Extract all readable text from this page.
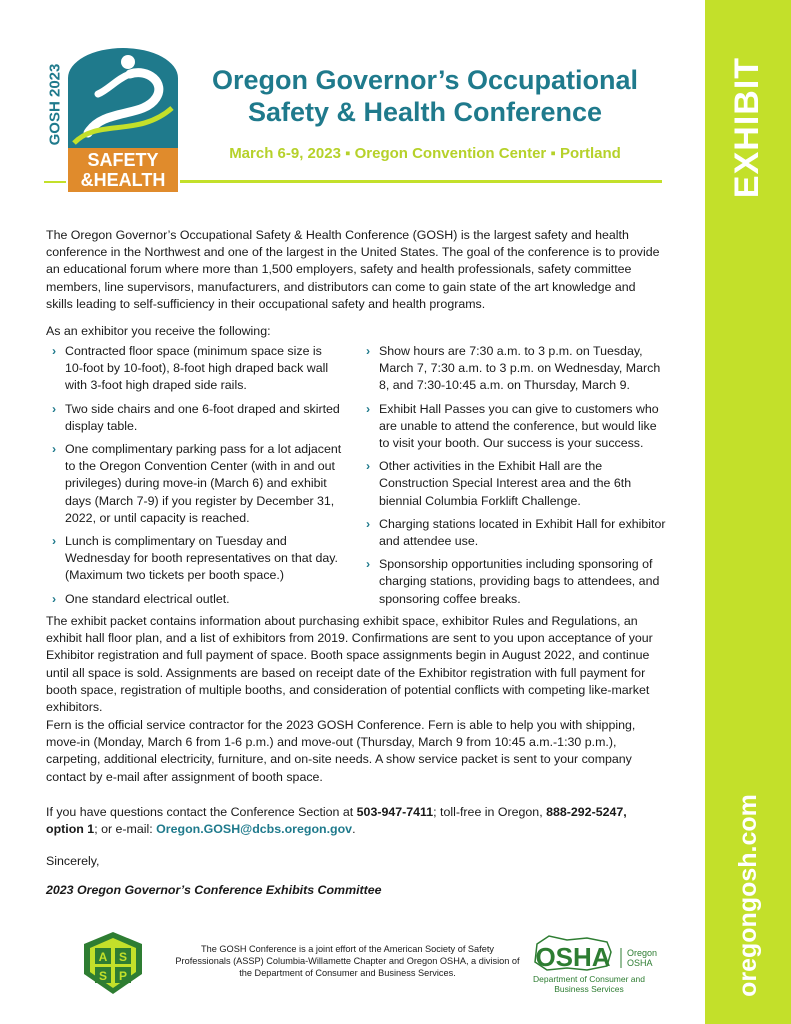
EXHIBIT
oregongosh.com
GOSH 2023
SAFETY
&HEALTH
Oregon Governor’s Occupational
Safety & Health Conference
March 6-9, 2023 ▪ Oregon Convention Center ▪ Portland

The Oregon Governor’s Occupational Safety & Health Conference (GOSH) is the largest safety and health conference in the Northwest and one of the largest in the United States. The goal of the conference is to provide an educational forum where more than 1,500 employers, safety and health professionals, safety committee members, line supervisors, manufacturers, and distributors can come to gain state of the art knowledge and skills leading to self-sufficiency in their occupational safety and health programs.

As an exhibitor you receive the following:

› Contracted floor space (minimum space size is 10-foot by 10-foot), 8-foot high draped back wall with 3-foot high draped side rails.
› Two side chairs and one 6-foot draped and skirted display table.
› One complimentary parking pass for a lot adjacent to the Oregon Convention Center (with in and out privileges) during move-in (March 6) and exhibit days (March 7-9) if you register by December 31, 2022, or until capacity is reached.
› Lunch is complimentary on Tuesday and Wednesday for booth representatives on that day. (Maximum two tickets per booth space.)
› One standard electrical outlet.
› Show hours are 7:30 a.m. to 3 p.m. on Tuesday, March 7, 7:30 a.m. to 3 p.m. on Wednesday, March 8, and 7:30-10:45 a.m. on Thursday, March 9.
› Exhibit Hall Passes you can give to customers who are unable to attend the conference, but would like to visit your booth. Our success is your success.
› Other activities in the Exhibit Hall are the Construction Special Interest area and the 6th biennial Columbia Forklift Challenge.
› Charging stations located in Exhibit Hall for exhibitor and attendee use.
› Sponsorship opportunities including sponsoring of charging stations, providing bags to attendees, and sponsoring coffee breaks.

The exhibit packet contains information about purchasing exhibit space, exhibitor Rules and Regulations, an exhibit hall floor plan, and a list of exhibitors from 2019. Confirmations are sent to you upon acceptance of your Exhibitor registration and full payment of space. Booth space assignments begin in August 2022, and continue until all space is sold. Assignments are based on receipt date of the Exhibitor registration with full payment for booth space, registration of multiple booths, and consideration of potential conflicts with competing like-market exhibitors.

Fern is the official service contractor for the 2023 GOSH Conference. Fern is able to help you with shipping, move-in (Monday, March 6 from 1-6 p.m.) and move-out (Thursday, March 9 from 10:45 a.m.-1:30 p.m.), carpeting, additional electricity, furniture, and on-site needs. A show service packet is sent to your company contact by e-mail after assignment of booth space.

If you have questions contact the Conference Section at 503-947-7411; toll-free in Oregon, 888-292-5247, option 1; or e-mail: Oregon.GOSH@dcbs.oregon.gov.

Sincerely,

2023 Oregon Governor’s Conference Exhibits Committee

A S
S P

The GOSH Conference is a joint effort of the American Society of Safety Professionals (ASSP) Columbia-Willamette Chapter and Oregon OSHA, a division of the Department of Consumer and Business Services.

OSHA Oregon
OSHA

Department of Consumer and Business Services
